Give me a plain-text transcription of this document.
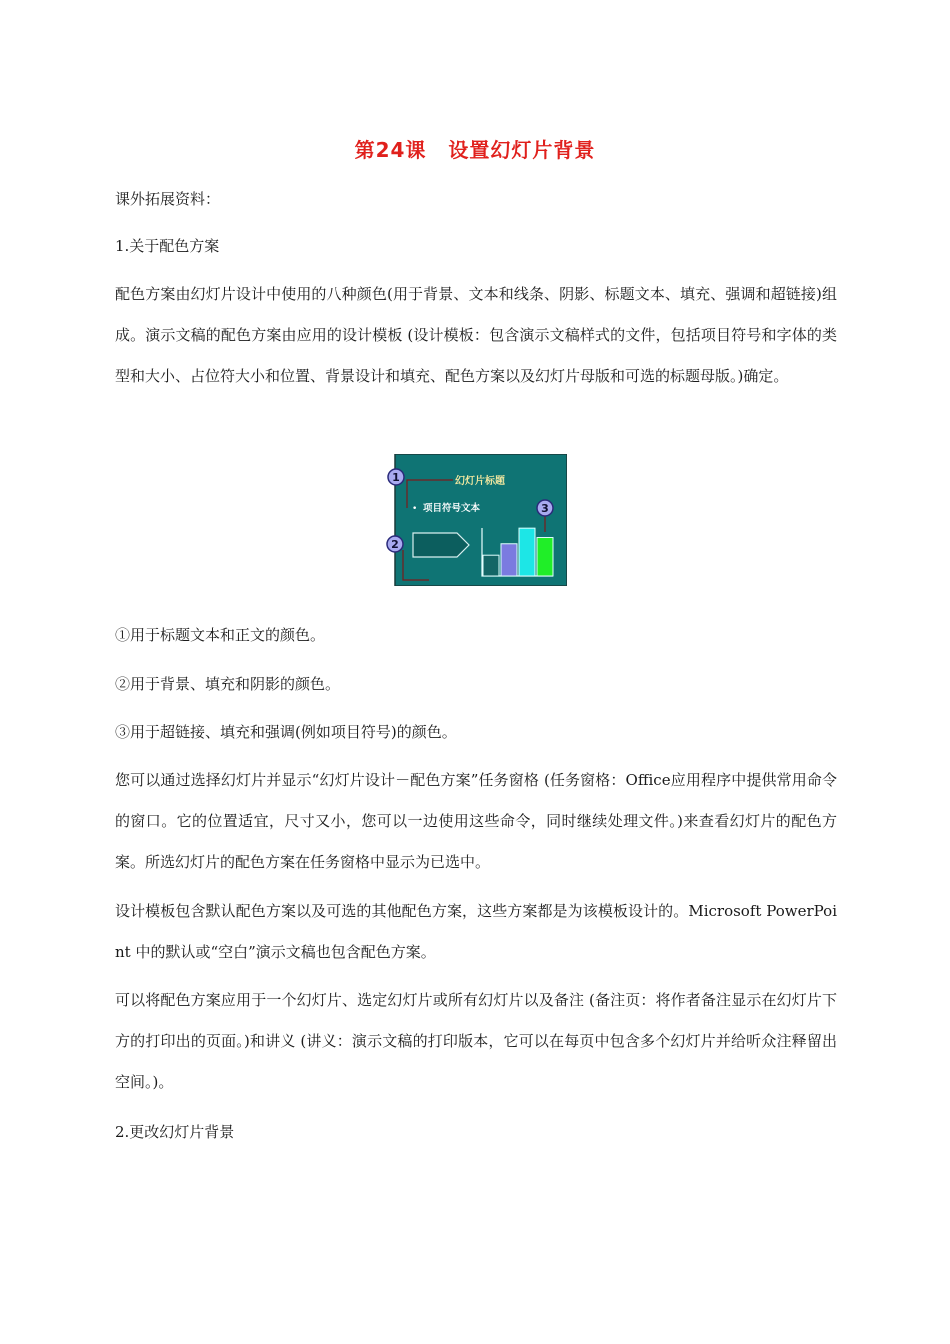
第24课 设置幻灯片背景
课外拓展资料：
1.关于配色方案
配色方案由幻灯片设计中使用的八种颜色(用于背景、文本和线条、阴影、标题文本、填充、强调和超链接)组成。演示文稿的配色方案由应用的设计模板 (设计模板：包含演示文稿样式的文件，包括项目符号和字体的类型和大小、占位符大小和位置、背景设计和填充、配色方案以及幻灯片母版和可选的标题母版。)确定。
幻灯片标题
• 项目符号文本
1
2
3
①用于标题文本和正文的颜色。
②用于背景、填充和阴影的颜色。
③用于超链接、填充和强调(例如项目符号)的颜色。
您可以通过选择幻灯片并显示“幻灯片设计－配色方案”任务窗格 (任务窗格：Office应用程序中提供常用命令的窗口。它的位置适宜，尺寸又小，您可以一边使用这些命令，同时继续处理文件。)来查看幻灯片的配色方案。所选幻灯片的配色方案在任务窗格中显示为已选中。
设计模板包含默认配色方案以及可选的其他配色方案，这些方案都是为该模板设计的。Microsoft PowerPoint 中的默认或“空白”演示文稿也包含配色方案。
可以将配色方案应用于一个幻灯片、选定幻灯片或所有幻灯片以及备注 (备注页：将作者备注显示在幻灯片下方的打印出的页面。)和讲义 (讲义：演示文稿的打印版本，它可以在每页中包含多个幻灯片并给听众注释留出空间。)。
2.更改幻灯片背景
